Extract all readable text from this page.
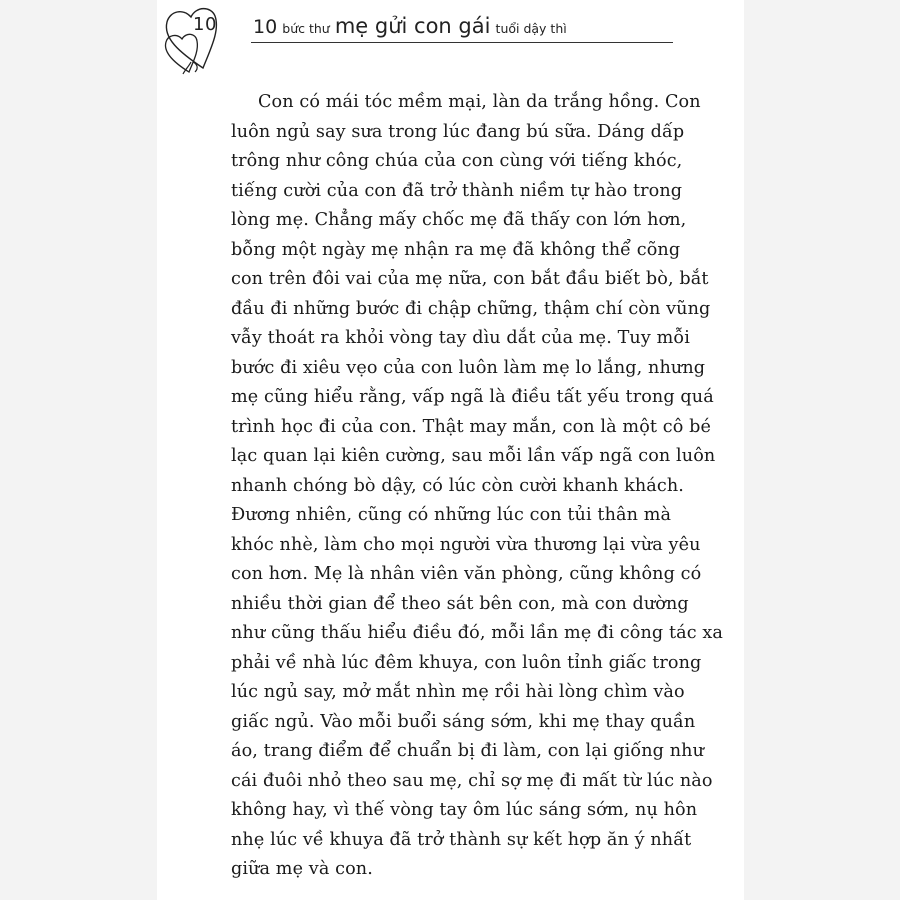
10 10 bức thư mẹ gửi con gái tuổi dậy thì
Con có mái tóc mềm mại, làn da trắng hồng. Con
luôn ngủ say sưa trong lúc đang bú sữa. Dáng dấp
trông như công chúa của con cùng với tiếng khóc,
tiếng cười của con đã trở thành niềm tự hào trong
lòng mẹ. Chẳng mấy chốc mẹ đã thấy con lớn hơn,
bỗng một ngày mẹ nhận ra mẹ đã không thể cõng
con trên đôi vai của mẹ nữa, con bắt đầu biết bò, bắt
đầu đi những bước đi chập chững, thậm chí còn vũng
vẫy thoát ra khỏi vòng tay dìu dắt của mẹ. Tuy mỗi
bước đi xiêu vẹo của con luôn làm mẹ lo lắng, nhưng
mẹ cũng hiểu rằng, vấp ngã là điều tất yếu trong quá
trình học đi của con. Thật may mắn, con là một cô bé
lạc quan lại kiên cường, sau mỗi lần vấp ngã con luôn
nhanh chóng bò dậy, có lúc còn cười khanh khách.
Đương nhiên, cũng có những lúc con tủi thân mà
khóc nhè, làm cho mọi người vừa thương lại vừa yêu
con hơn. Mẹ là nhân viên văn phòng, cũng không có
nhiều thời gian để theo sát bên con, mà con dường
như cũng thấu hiểu điều đó, mỗi lần mẹ đi công tác xa
phải về nhà lúc đêm khuya, con luôn tỉnh giấc trong
lúc ngủ say, mở mắt nhìn mẹ rồi hài lòng chìm vào
giấc ngủ. Vào mỗi buổi sáng sớm, khi mẹ thay quần
áo, trang điểm để chuẩn bị đi làm, con lại giống như
cái đuôi nhỏ theo sau mẹ, chỉ sợ mẹ đi mất từ lúc nào
không hay, vì thế vòng tay ôm lúc sáng sớm, nụ hôn
nhẹ lúc về khuya đã trở thành sự kết hợp ăn ý nhất
giữa mẹ và con.
